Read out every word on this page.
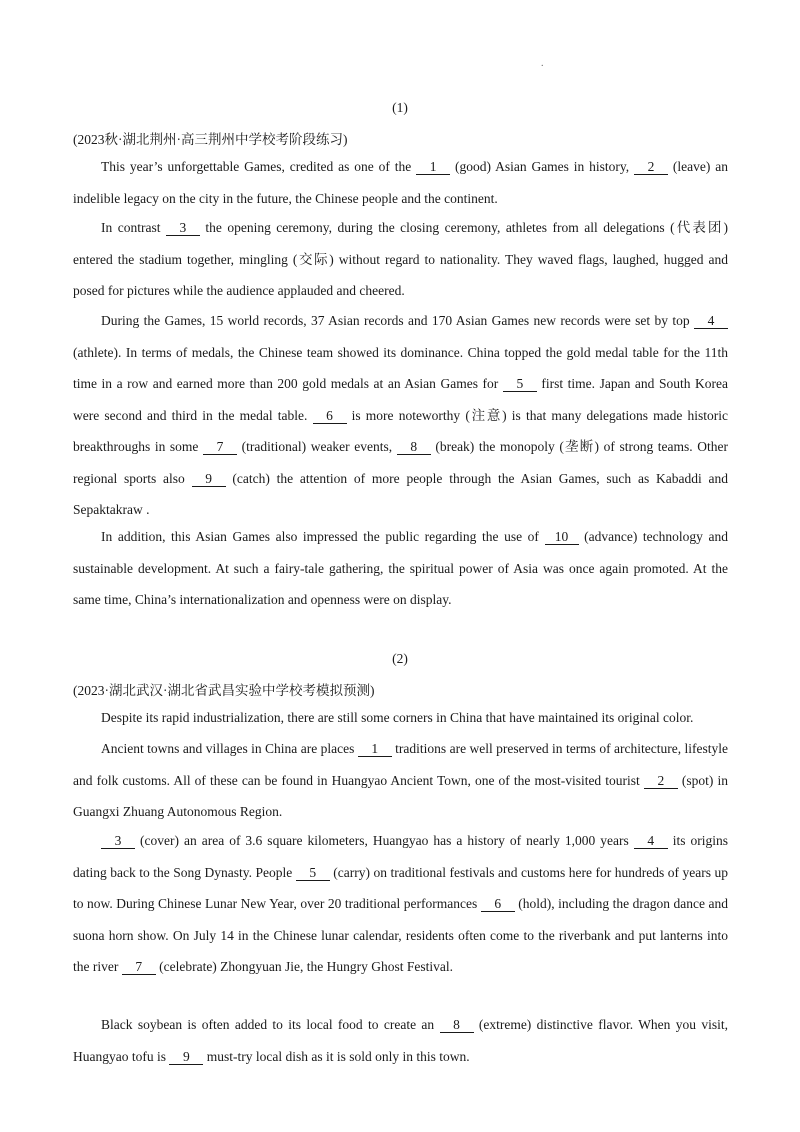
.
(1)
(2023秋·湖北荆州·高三荆州中学校考阶段练习)

This year’s unforgettable Games, credited as one of the 1 (good) Asian Games in history, 2 (leave) an indelible legacy on the city in the future, the Chinese people and the continent.

In contrast 3 the opening ceremony, during the closing ceremony, athletes from all delegations (代表团) entered the stadium together, mingling (交际) without regard to nationality. They waved flags, laughed, hugged and posed for pictures while the audience applauded and cheered.

During the Games, 15 world records, 37 Asian records and 170 Asian Games new records were set by top 4 (athlete). In terms of medals, the Chinese team showed its dominance. China topped the gold medal table for the 11th time in a row and earned more than 200 gold medals at an Asian Games for 5 first time. Japan and South Korea were second and third in the medal table. 6 is more noteworthy (注意) is that many delegations made historic breakthroughs in some 7 (traditional) weaker events, 8 (break) the monopoly (垄断) of strong teams. Other regional sports also 9 (catch) the attention of more people through the Asian Games, such as Kabaddi and Sepaktakraw .

In addition, this Asian Games also impressed the public regarding the use of 10 (advance) technology and sustainable development. At such a fairy-tale gathering, the spiritual power of Asia was once again promoted. At the same time, China’s internationalization and openness were on display.

(2)
(2023·湖北武汉·湖北省武昌实验中学校考模拟预测)

Despite its rapid industrialization, there are still some corners in China that have maintained its original color.

Ancient towns and villages in China are places 1 traditions are well preserved in terms of architecture, lifestyle and folk customs. All of these can be found in Huangyao Ancient Town, one of the most-visited tourist 2 (spot) in Guangxi Zhuang Autonomous Region.

3 (cover) an area of 3.6 square kilometers, Huangyao has a history of nearly 1,000 years 4 its origins dating back to the Song Dynasty. People 5 (carry) on traditional festivals and customs here for hundreds of years up to now. During Chinese Lunar New Year, over 20 traditional performances 6 (hold), including the dragon dance and suona horn show. On July 14 in the Chinese lunar calendar, residents often come to the riverbank and put lanterns into the river 7 (celebrate) Zhongyuan Jie, the Hungry Ghost Festival.

Black soybean is often added to its local food to create an 8 (extreme) distinctive flavor. When you visit, Huangyao tofu is 9 must-try local dish as it is sold only in this town.
